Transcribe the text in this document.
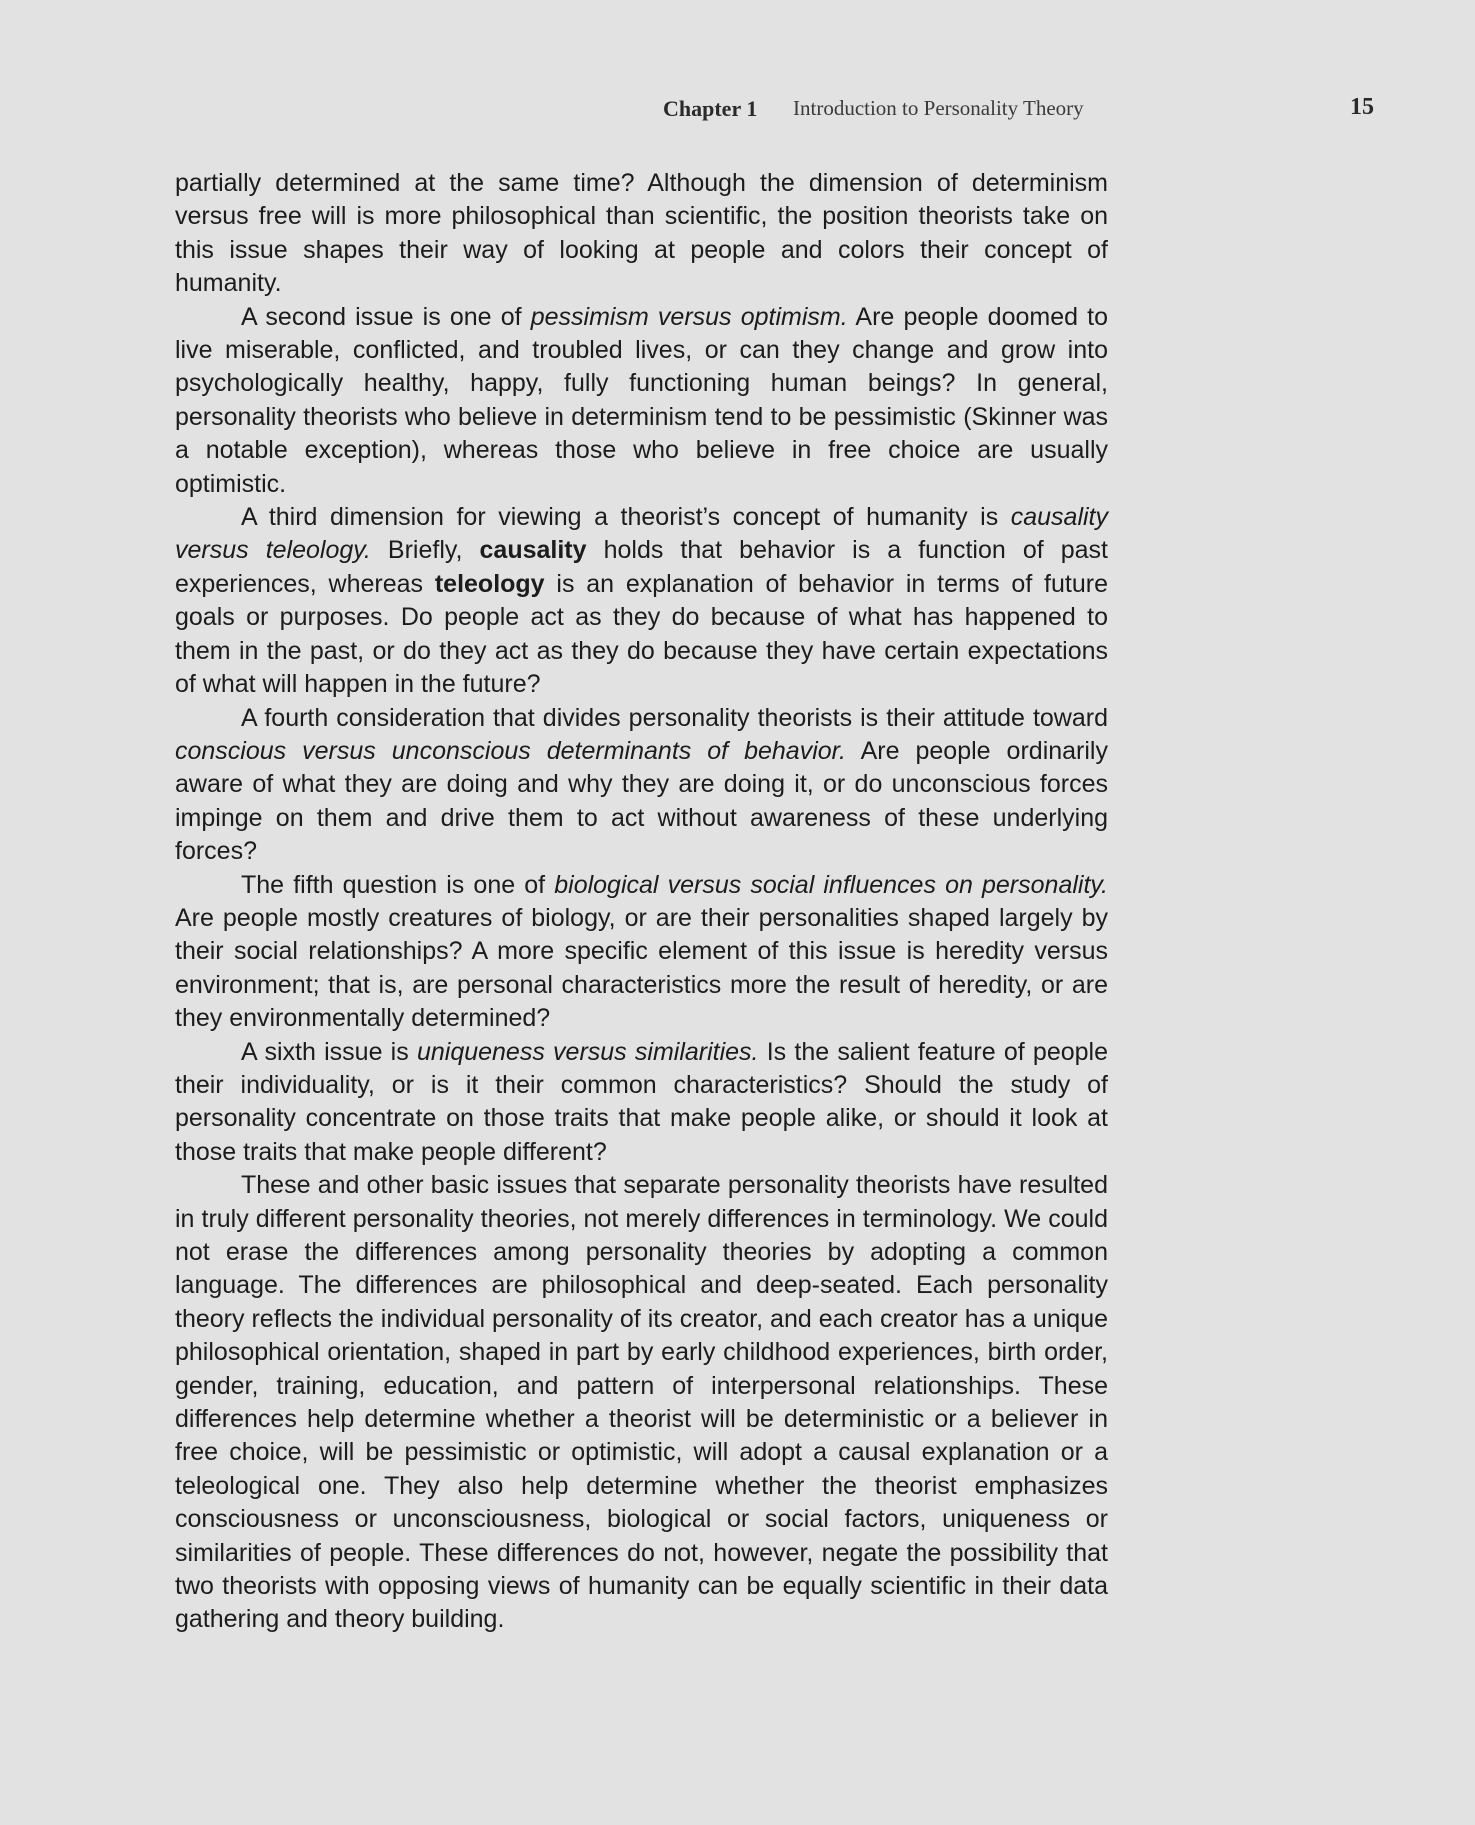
Chapter 1 Introduction to Personality Theory	15

partially determined at the same time? Although the dimension of determinism versus free will is more philosophical than scientific, the position theorists take on this issue shapes their way of looking at people and colors their concept of humanity.

A second issue is one of pessimism versus optimism. Are people doomed to live miserable, conflicted, and troubled lives, or can they change and grow into psychologically healthy, happy, fully functioning human beings? In general, personality theorists who believe in determinism tend to be pessimistic (Skinner was a notable exception), whereas those who believe in free choice are usually optimistic.

A third dimension for viewing a theorist’s concept of humanity is causality versus teleology. Briefly, causality holds that behavior is a function of past experiences, whereas teleology is an explanation of behavior in terms of future goals or purposes. Do people act as they do because of what has happened to them in the past, or do they act as they do because they have certain expectations of what will happen in the future?

A fourth consideration that divides personality theorists is their attitude toward conscious versus unconscious determinants of behavior. Are people ordinarily aware of what they are doing and why they are doing it, or do unconscious forces impinge on them and drive them to act without awareness of these underlying forces?

The fifth question is one of biological versus social influences on personality. Are people mostly creatures of biology, or are their personalities shaped largely by their social relationships? A more specific element of this issue is heredity versus environment; that is, are personal characteristics more the result of heredity, or are they environmentally determined?

A sixth issue is uniqueness versus similarities. Is the salient feature of people their individuality, or is it their common characteristics? Should the study of personality concentrate on those traits that make people alike, or should it look at those traits that make people different?

These and other basic issues that separate personality theorists have resulted in truly different personality theories, not merely differences in terminology. We could not erase the differences among personality theories by adopting a common language. The differences are philosophical and deep-seated. Each personality theory reflects the individual personality of its creator, and each creator has a unique philosophical orientation, shaped in part by early childhood experiences, birth order, gender, training, education, and pattern of interpersonal relationships. These differences help determine whether a theorist will be deterministic or a believer in free choice, will be pessimistic or optimistic, will adopt a causal explanation or a teleological one. They also help determine whether the theorist emphasizes consciousness or unconsciousness, biological or social factors, uniqueness or similarities of people. These differences do not, however, negate the possibility that two theorists with opposing views of humanity can be equally scientific in their data gathering and theory building.
